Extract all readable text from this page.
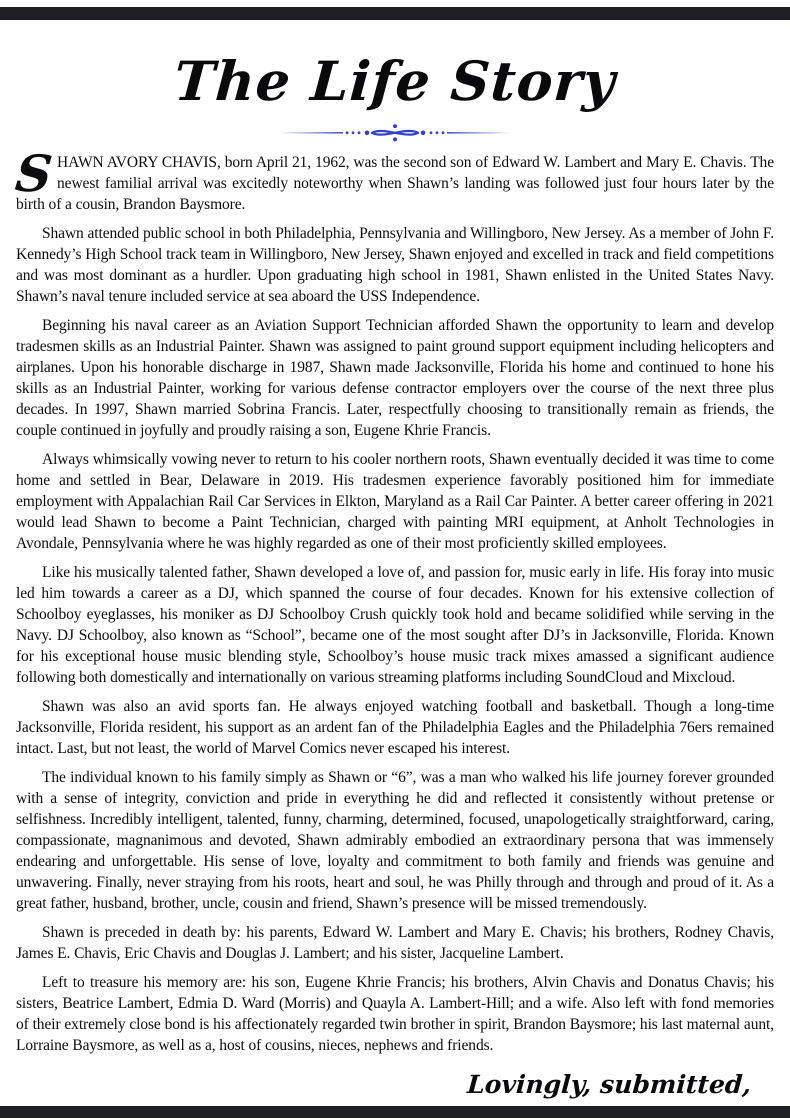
The Life Story

SHAWN AVORY CHAVIS, born April 21, 1962, was the second son of Edward W. Lambert and Mary E. Chavis. The newest familial arrival was excitedly noteworthy when Shawn’s landing was followed just four hours later by the birth of a cousin, Brandon Baysmore.

Shawn attended public school in both Philadelphia, Pennsylvania and Willingboro, New Jersey. As a member of John F. Kennedy’s High School track team in Willingboro, New Jersey, Shawn enjoyed and excelled in track and field competitions and was most dominant as a hurdler. Upon graduating high school in 1981, Shawn enlisted in the United States Navy. Shawn’s naval tenure included service at sea aboard the USS Independence.

Beginning his naval career as an Aviation Support Technician afforded Shawn the opportunity to learn and develop tradesmen skills as an Industrial Painter. Shawn was assigned to paint ground support equipment including helicopters and airplanes. Upon his honorable discharge in 1987, Shawn made Jacksonville, Florida his home and continued to hone his skills as an Industrial Painter, working for various defense contractor employers over the course of the next three plus decades. In 1997, Shawn married Sobrina Francis. Later, respectfully choosing to transitionally remain as friends, the couple continued in joyfully and proudly raising a son, Eugene Khrie Francis.

Always whimsically vowing never to return to his cooler northern roots, Shawn eventually decided it was time to come home and settled in Bear, Delaware in 2019. His tradesmen experience favorably positioned him for immediate employment with Appalachian Rail Car Services in Elkton, Maryland as a Rail Car Painter. A better career offering in 2021 would lead Shawn to become a Paint Technician, charged with painting MRI equipment, at Anholt Technologies in Avondale, Pennsylvania where he was highly regarded as one of their most proficiently skilled employees.

Like his musically talented father, Shawn developed a love of, and passion for, music early in life. His foray into music led him towards a career as a DJ, which spanned the course of four decades. Known for his extensive collection of Schoolboy eyeglasses, his moniker as DJ Schoolboy Crush quickly took hold and became solidified while serving in the Navy. DJ Schoolboy, also known as “School”, became one of the most sought after DJ’s in Jacksonville, Florida. Known for his exceptional house music blending style, Schoolboy’s house music track mixes amassed a significant audience following both domestically and internationally on various streaming platforms including SoundCloud and Mixcloud.

Shawn was also an avid sports fan. He always enjoyed watching football and basketball. Though a long-time Jacksonville, Florida resident, his support as an ardent fan of the Philadelphia Eagles and the Philadelphia 76ers remained intact. Last, but not least, the world of Marvel Comics never escaped his interest.

The individual known to his family simply as Shawn or “6”, was a man who walked his life journey forever grounded with a sense of integrity, conviction and pride in everything he did and reflected it consistently without pretense or selfishness. Incredibly intelligent, talented, funny, charming, determined, focused, unapologetically straightforward, caring, compassionate, magnanimous and devoted, Shawn admirably embodied an extraordinary persona that was immensely endearing and unforgettable. His sense of love, loyalty and commitment to both family and friends was genuine and unwavering. Finally, never straying from his roots, heart and soul, he was Philly through and through and proud of it. As a great father, husband, brother, uncle, cousin and friend, Shawn’s presence will be missed tremendously.

Shawn is preceded in death by: his parents, Edward W. Lambert and Mary E. Chavis; his brothers, Rodney Chavis, James E. Chavis, Eric Chavis and Douglas J. Lambert; and his sister, Jacqueline Lambert.

Left to treasure his memory are: his son, Eugene Khrie Francis; his brothers, Alvin Chavis and Donatus Chavis; his sisters, Beatrice Lambert, Edmia D. Ward (Morris) and Quayla A. Lambert-Hill; and a wife. Also left with fond memories of their extremely close bond is his affectionately regarded twin brother in spirit, Brandon Baysmore; his last maternal aunt, Lorraine Baysmore, as well as a, host of cousins, nieces, nephews and friends.

Lovingly, submitted,
